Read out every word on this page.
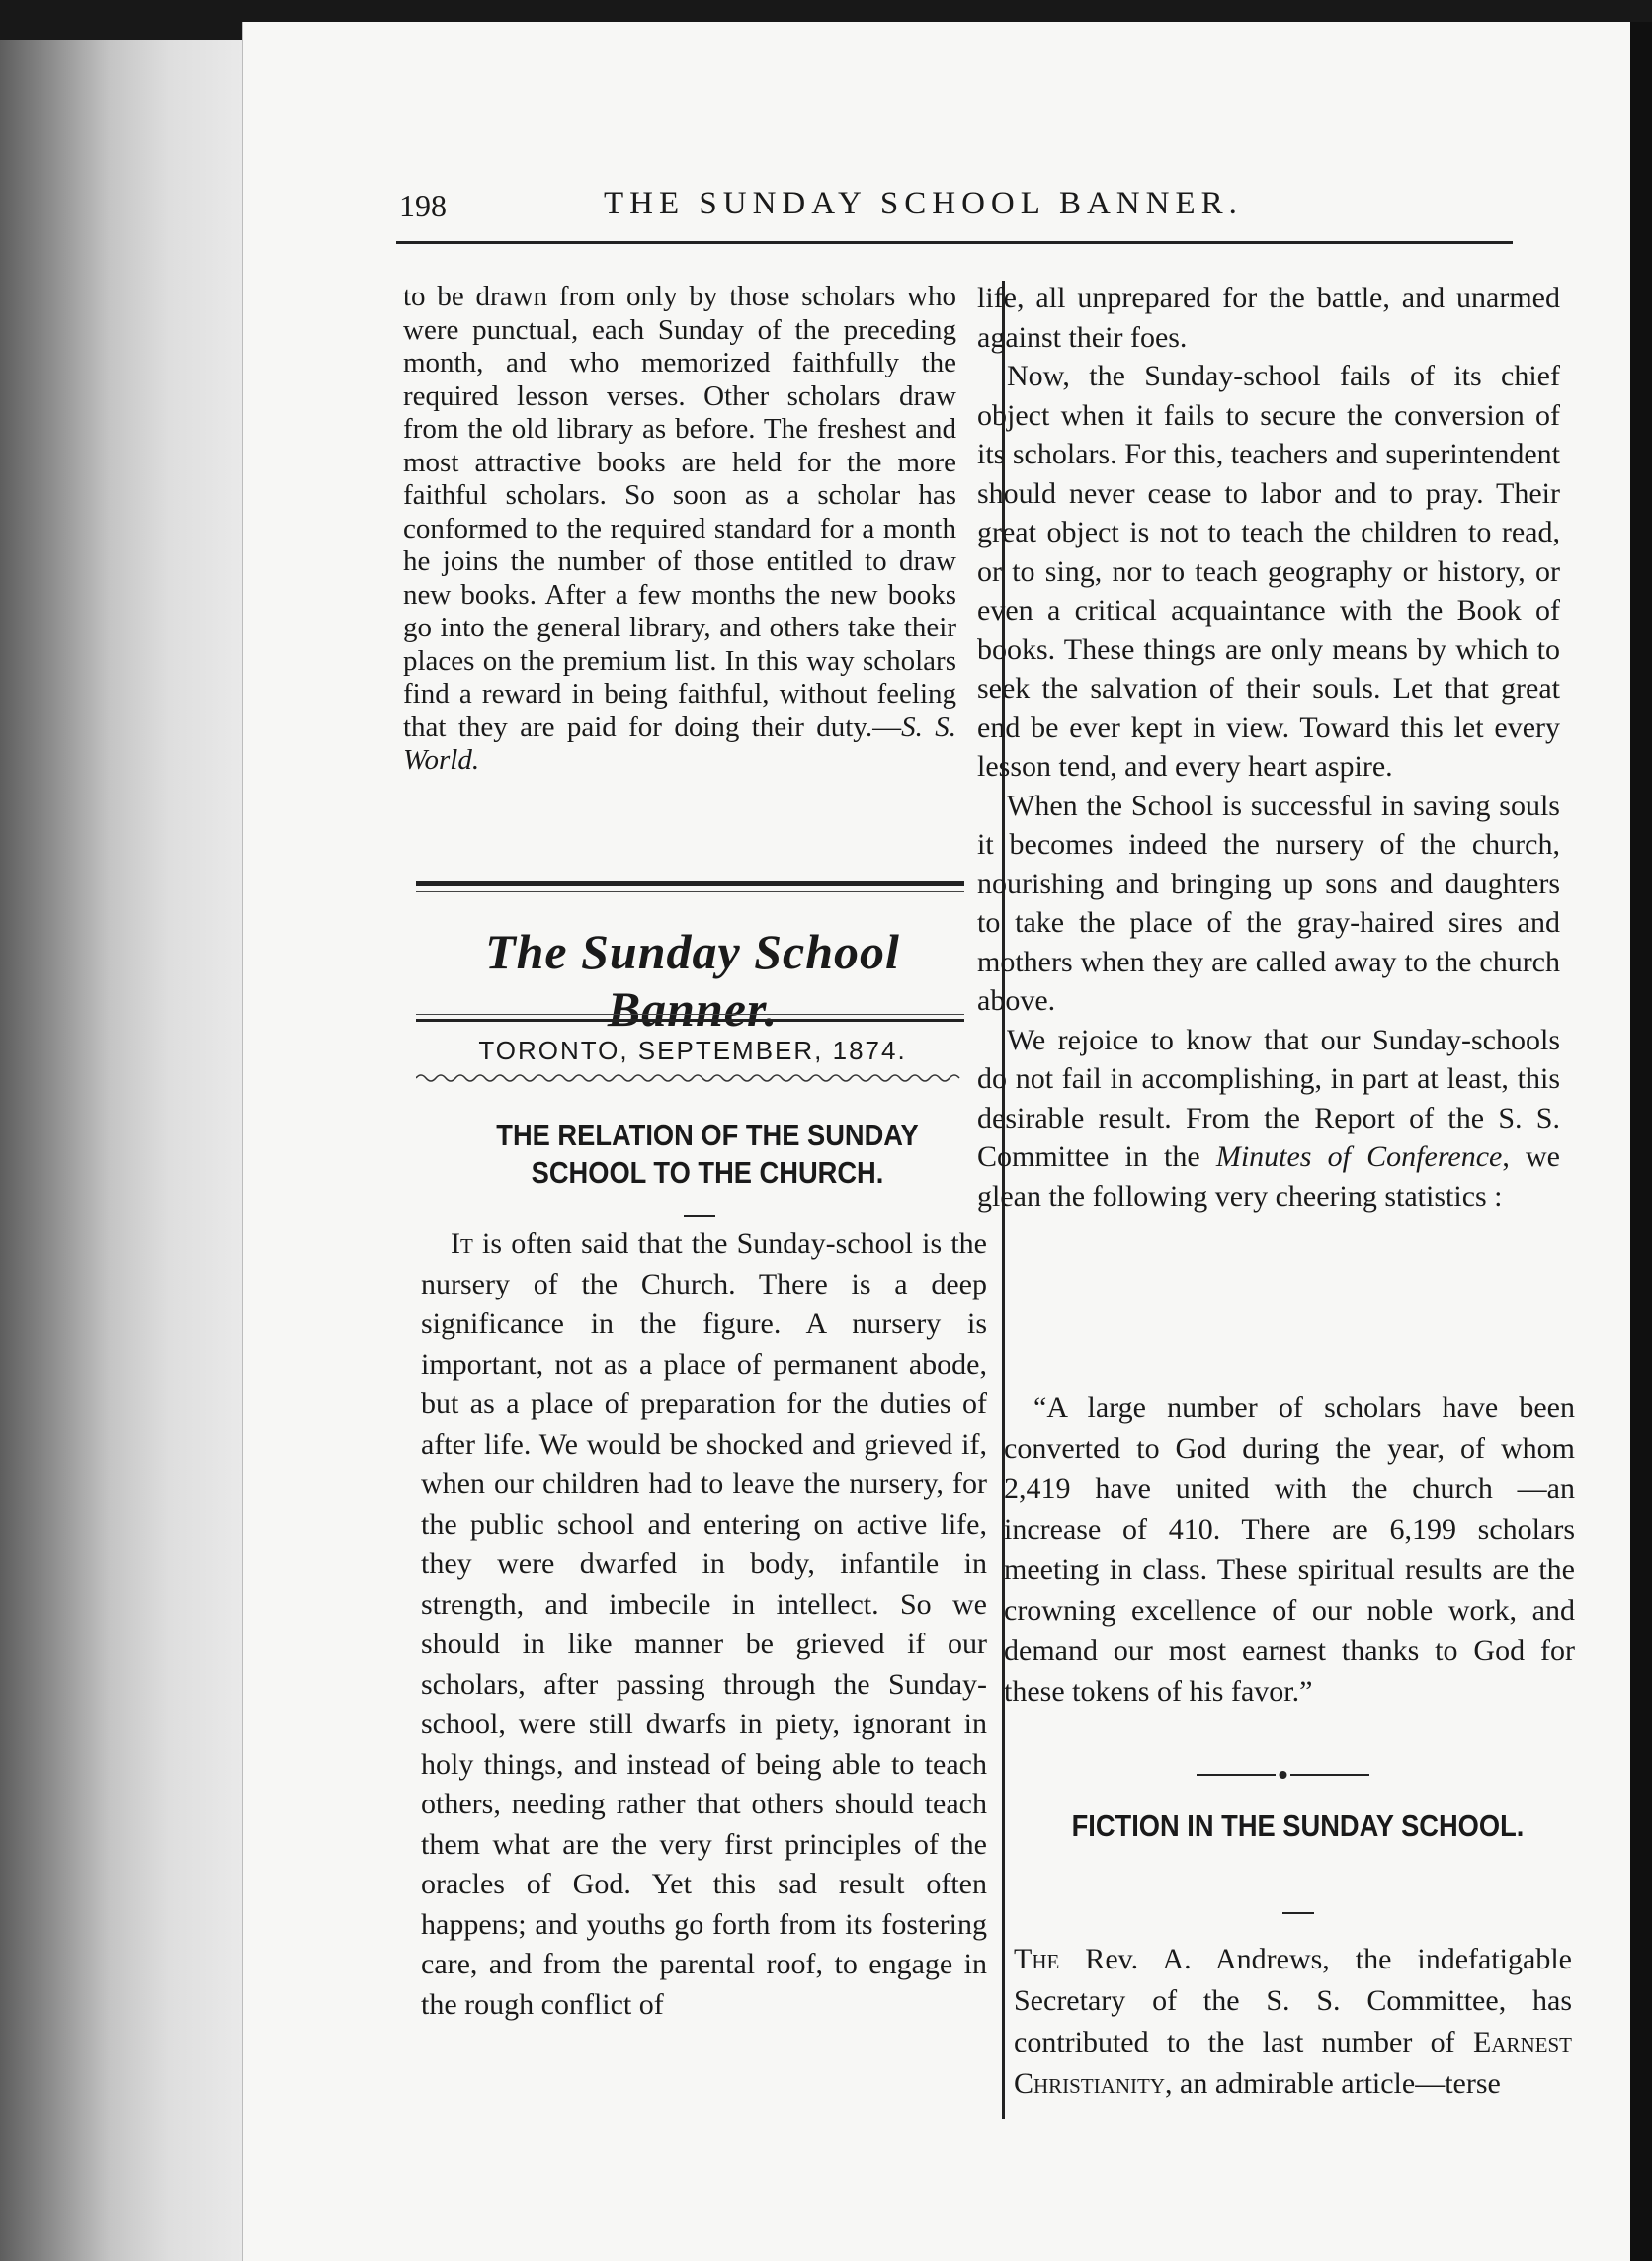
198	THE SUNDAY SCHOOL BANNER.

to be drawn from only by those scholars who were punctual, each Sunday of the preceding month, and who memorized faithfully the required lesson verses. Other scholars draw from the old library as before. The freshest and most attractive books are held for the more faithful scholars. So soon as a scholar has conformed to the required standard for a month he joins the number of those entitled to draw new books. After a few months the new books go into the general library, and others take their places on the premium list. In this way scholars find a reward in being faithful, without feeling that they are paid for doing their duty.—S. S. World.

The Sunday School Banner.
TORONTO, SEPTEMBER, 1874.
THE RELATION OF THE SUNDAY SCHOOL TO THE CHURCH.

It is often said that the Sunday-school is the nursery of the Church. There is a deep significance in the figure. A nursery is important, not as a place of permanent abode, but as a place of preparation for the duties of after life. We would be shocked and grieved if, when our children had to leave the nursery, for the public school and entering on active life, they were dwarfed in body, infantile in strength, and imbecile in intellect. So we should in like manner be grieved if our scholars, after passing through the Sunday-school, were still dwarfs in piety, ignorant in holy things, and instead of being able to teach others, needing rather that others should teach them what are the very first principles of the oracles of God. Yet this sad result often happens; and youths go forth from its fostering care, and from the parental roof, to engage in the rough conflict of

life, all unprepared for the battle, and unarmed against their foes.

Now, the Sunday-school fails of its chief object when it fails to secure the conversion of its scholars. For this, teachers and superintendent should never cease to labor and to pray. Their great object is not to teach the children to read, or to sing, nor to teach geography or history, or even a critical acquaintance with the Book of books. These things are only means by which to seek the salvation of their souls. Let that great end be ever kept in view. Toward this let every lesson tend, and every heart aspire.

When the School is successful in saving souls it becomes indeed the nursery of the church, nourishing and bringing up sons and daughters to take the place of the gray-haired sires and mothers when they are called away to the church above.

We rejoice to know that our Sunday-schools do not fail in accomplishing, in part at least, this desirable result. From the Report of the S. S. Committee in the Minutes of Conference, we glean the following very cheering statistics :

“A large number of scholars have been converted to God during the year, of whom 2,419 have united with the church —an increase of 410. There are 6,199 scholars meeting in class. These spiritual results are the crowning excellence of our noble work, and demand our most earnest thanks to God for these tokens of his favor.”

FICTION IN THE SUNDAY SCHOOL.

The Rev. A. Andrews, the indefatigable Secretary of the S. S. Committee, has contributed to the last number of Earnest Christianity, an admirable article—terse
